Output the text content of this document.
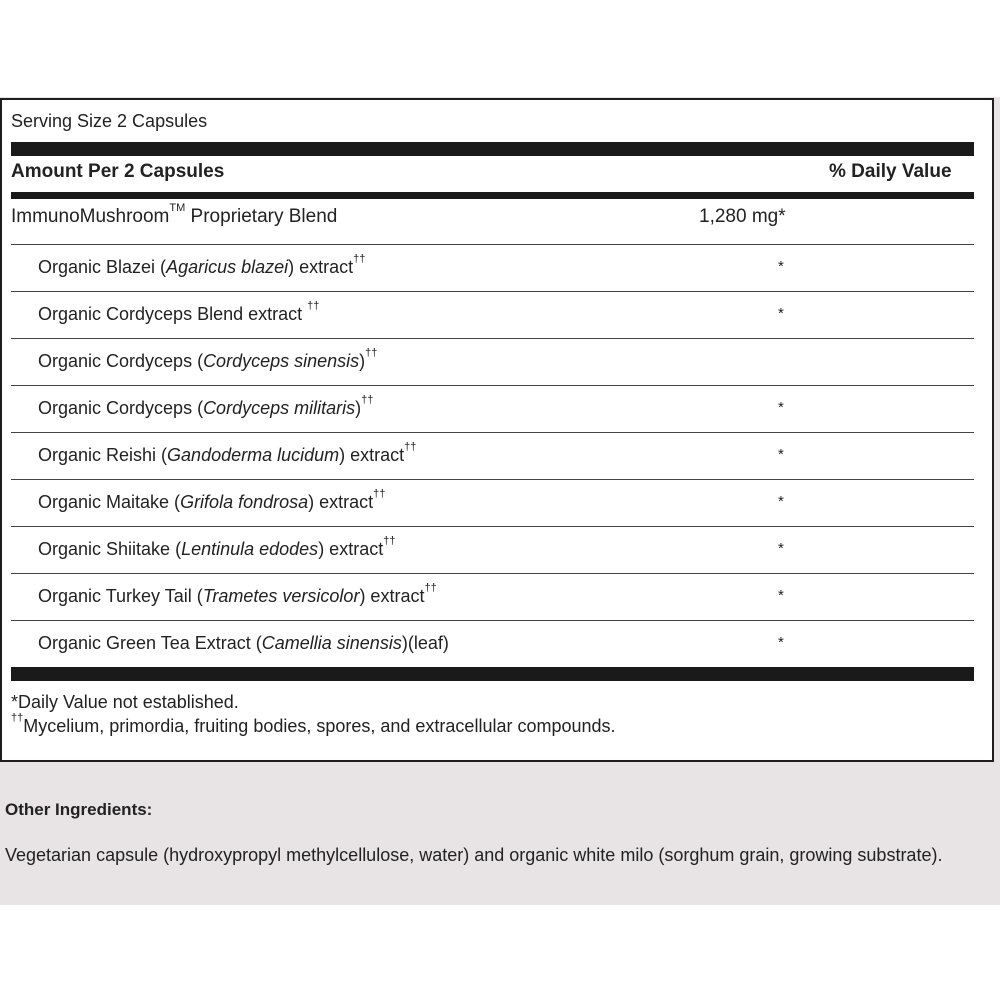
Serving Size 2 Capsules
Amount Per 2 Capsules	% Daily Value
ImmunoMushroom™ Proprietary Blend	1,280 mg*
Organic Blazei (Agaricus blazei) extract††	*
Organic Cordyceps Blend extract ††	*
Organic Cordyceps (Cordyceps sinensis)††
Organic Cordyceps (Cordyceps militaris)††	*
Organic Reishi (Gandoderma lucidum) extract††	*
Organic Maitake (Grifola fondrosa) extract††	*
Organic Shiitake (Lentinula edodes) extract††	*
Organic Turkey Tail (Trametes versicolor) extract††	*
Organic Green Tea Extract (Camellia sinensis)(leaf)	*
*Daily Value not established.
††Mycelium, primordia, fruiting bodies, spores, and extracellular compounds.
Other Ingredients:
Vegetarian capsule (hydroxypropyl methylcellulose, water) and organic white milo (sorghum grain, growing substrate).
